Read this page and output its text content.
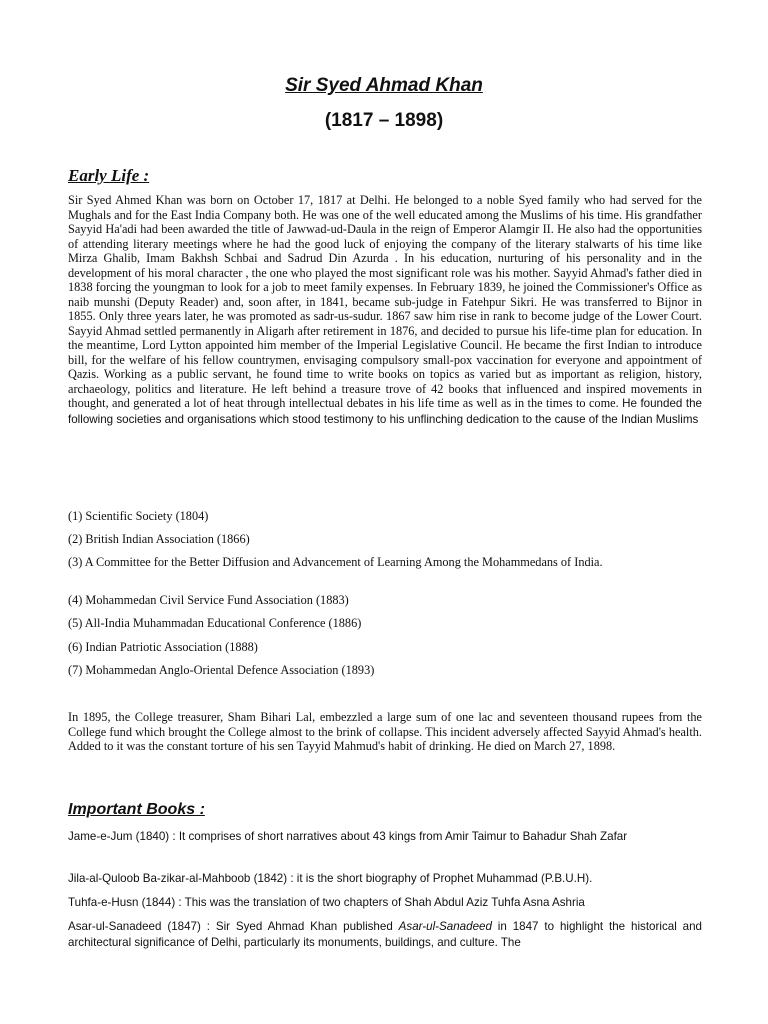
Sir Syed Ahmad Khan
(1817 – 1898)
Early Life :
Sir Syed Ahmed Khan was born on October 17, 1817 at Delhi. He belonged to a noble Syed family who had served for the Mughals and for the East India Company both. He was one of the well educated among the Muslims of his time. His grandfather Sayyid Ha'adi had been awarded the title of Jawwad-ud-Daula in the reign of Emperor Alamgir II. He also had the opportunities of attending literary meetings where he had the good luck of enjoying the company of the literary stalwarts of his time like Mirza Ghalib, Imam Bakhsh Schbai and Sadrud Din Azurda . In his education, nurturing of his personality and in the development of his moral character , the one who played the most significant role was his mother. Sayyid Ahmad's father died in 1838 forcing the youngman to look for a job to meet family expenses. In February 1839, he joined the Commissioner's Office as naib munshi (Deputy Reader) and, soon after, in 1841, became sub-judge in Fatehpur Sikri. He was transferred to Bijnor in 1855. Only three years later, he was promoted as sadr-us-sudur. 1867 saw him rise in rank to become judge of the Lower Court. Sayyid Ahmad settled permanently in Aligarh after retirement in 1876, and decided to pursue his life-time plan for education. In the meantime, Lord Lytton appointed him member of the Imperial Legislative Council. He became the first Indian to introduce bill, for the welfare of his fellow countrymen, envisaging compulsory small-pox vaccination for everyone and appointment of Qazis. Working as a public servant, he found time to write books on topics as varied but as important as religion, history, archaeology, politics and literature. He left behind a treasure trove of 42 books that influenced and inspired movements in thought, and generated a lot of heat through intellectual debates in his life time as well as in the times to come. He founded the following societies and organisations which stood testimony to his unflinching dedication to the cause of the Indian Muslims
(1) Scientific Society (1804)
(2) British Indian Association (1866)
(3) A Committee for the Better Diffusion and Advancement of Learning Among the Mohammedans of India.
(4) Mohammedan Civil Service Fund Association (1883)
(5) All-India Muhammadan Educational Conference (1886)
(6) Indian Patriotic Association (1888)
(7) Mohammedan Anglo-Oriental Defence Association (1893)
In 1895, the College treasurer, Sham Bihari Lal, embezzled a large sum of one lac and seventeen thousand rupees from the College fund which brought the College almost to the brink of collapse. This incident adversely affected Sayyid Ahmad's health. Added to it was the constant torture of his sen Tayyid Mahmud's habit of drinking. He died on March 27, 1898.
Important Books :
Jame-e-Jum (1840) : It comprises of short narratives about 43 kings from Amir Taimur to Bahadur Shah Zafar
Jila-al-Quloob Ba-zikar-al-Mahboob (1842) : it is the short biography of Prophet Muhammad (P.B.U.H).
Tuhfa-e-Husn (1844) : This was the translation of two chapters of Shah Abdul Aziz Tuhfa Asna Ashria
Asar-ul-Sanadeed (1847) : Sir Syed Ahmad Khan published Asar-ul-Sanadeed in 1847 to highlight the historical and architectural significance of Delhi, particularly its monuments, buildings, and culture. The
